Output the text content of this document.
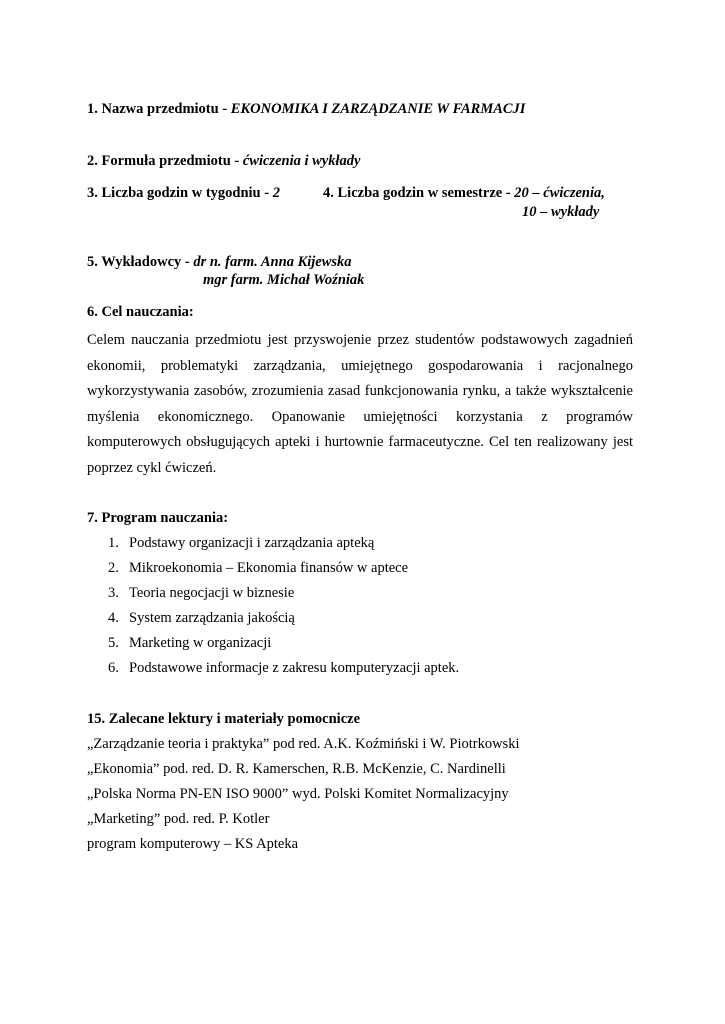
1. Nazwa przedmiotu - EKONOMIKA I ZARZĄDZANIE W FARMACJI
2. Formuła przedmiotu - ćwiczenia i wykłady
3. Liczba godzin w tygodniu - 2	4. Liczba godzin w semestrze - 20 – ćwiczenia,
10 – wykłady
5. Wykładowcy - dr n. farm. Anna Kijewska
mgr farm. Michał Woźniak
6. Cel nauczania:

Celem nauczania przedmiotu jest przyswojenie przez studentów podstawowych zagadnień ekonomii, problematyki zarządzania, umiejętnego gospodarowania i racjonalnego wykorzystywania zasobów, zrozumienia zasad funkcjonowania rynku, a także wykształcenie myślenia ekonomicznego. Opanowanie umiejętności korzystania z programów komputerowych obsługujących apteki i hurtownie farmaceutyczne. Cel ten realizowany jest poprzez cykl ćwiczeń.

7. Program nauczania:
1. Podstawy organizacji i zarządzania apteką
2. Mikroekonomia – Ekonomia finansów w aptece
3. Teoria negocjacji w biznesie
4. System zarządzania jakością
5. Marketing w organizacji
6. Podstawowe informacje z zakresu komputeryzacji aptek.
15. Zalecane lektury i materiały pomocnicze
„Zarządzanie teoria i praktyka” pod red. A.K. Koźmiński i W. Piotrkowski
„Ekonomia” pod. red. D. R. Kamerschen, R.B. McKenzie, C. Nardinelli
„Polska Norma PN-EN ISO 9000” wyd. Polski Komitet Normalizacyjny
„Marketing” pod. red. P. Kotler
program komputerowy – KS Apteka
